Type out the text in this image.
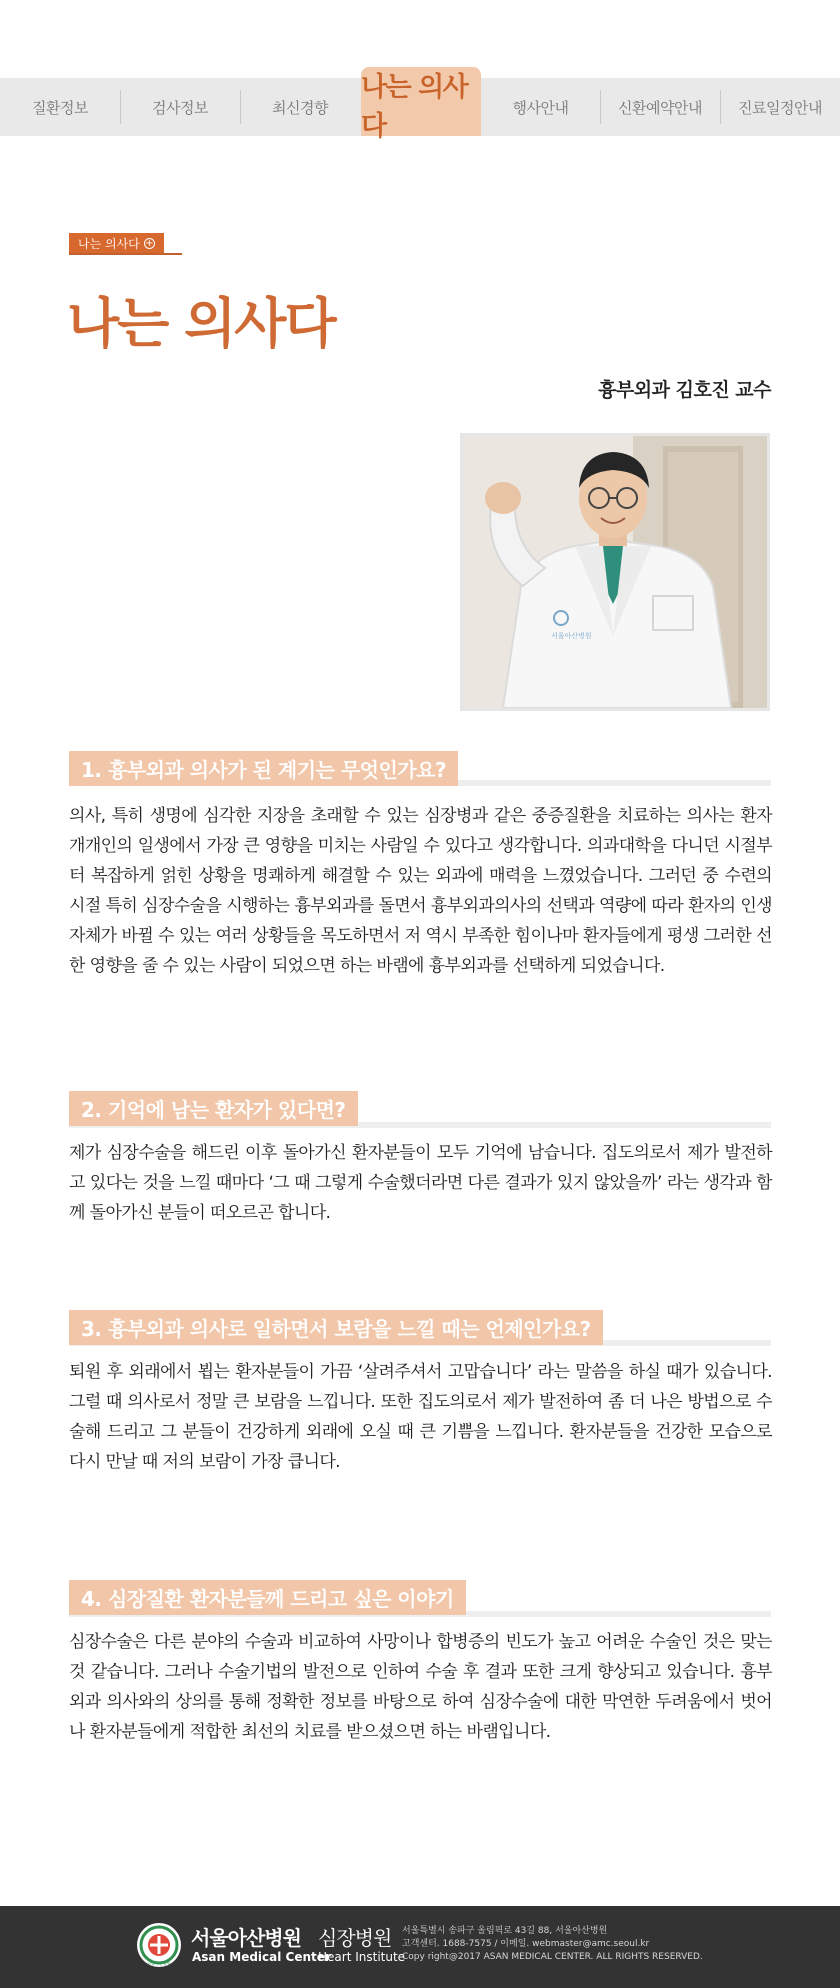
질환정보	검사정보	최신경향
나는 의사다
행사안내	신환예약안내	진료일정안내
나는 의사다 +
나는 의사다
흉부외과 김호진 교수
서울아산병원
1. 흉부외과 의사가 된 계기는 무엇인가요?

의사, 특히 생명에 심각한 지장을 초래할 수 있는 심장병과 같은 중증질환을 치료하는 의사는 환자 개개인의 일생에서 가장 큰 영향을 미치는 사람일 수 있다고 생각합니다. 의과대학을 다니던 시절부터 복잡하게 얽힌 상황을 명쾌하게 해결할 수 있는 외과에 매력을 느꼈었습니다. 그러던 중 수련의 시절 특히 심장수술을 시행하는 흉부외과를 돌면서 흉부외과의사의 선택과 역량에 따라 환자의 인생 자체가 바뀔 수 있는 여러 상황들을 목도하면서 저 역시 부족한 힘이나마 환자들에게 평생 그러한 선한 영향을 줄 수 있는 사람이 되었으면 하는 바램에 흉부외과를 선택하게 되었습니다.

2. 기억에 남는 환자가 있다면?

제가 심장수술을 해드린 이후 돌아가신 환자분들이 모두 기억에 남습니다. 집도의로서 제가 발전하고 있다는 것을 느낄 때마다 ‘그 때 그렇게 수술했더라면 다른 결과가 있지 않았을까’ 라는 생각과 함께 돌아가신 분들이 떠오르곤 합니다.

3. 흉부외과 의사로 일하면서 보람을 느낄 때는 언제인가요?

퇴원 후 외래에서 뵙는 환자분들이 가끔 ‘살려주셔서 고맙습니다’ 라는 말씀을 하실 때가 있습니다. 그럴 때 의사로서 정말 큰 보람을 느낍니다. 또한 집도의로서 제가 발전하여 좀 더 나은 방법으로 수술해 드리고 그 분들이 건강하게 외래에 오실 때 큰 기쁨을 느낍니다. 환자분들을 건강한 모습으로 다시 만날 때 저의 보람이 가장 큽니다.

4. 심장질환 환자분들께 드리고 싶은 이야기

심장수술은 다른 분야의 수술과 비교하여 사망이나 합병증의 빈도가 높고 어려운 수술인 것은 맞는 것 같습니다. 그러나 수술기법의 발전으로 인하여 수술 후 결과 또한 크게 향상되고 있습니다. 흉부외과 의사와의 상의를 통해 정확한 정보를 바탕으로 하여 심장수술에 대한 막연한 두려움에서 벗어나 환자분들에게 적합한 최선의 치료를 받으셨으면 하는 바램입니다.

서울아산병원
서울아산병원
Asan Medical Center
심장병원
Heart Institute
서울특별시 송파구 올림픽로 43길 88, 서울아산병원
고객센터. 1688-7575 / 이메일. webmaster@amc.seoul.kr
Copy right@2017 ASAN MEDICAL CENTER. ALL RIGHTS RESERVED.
